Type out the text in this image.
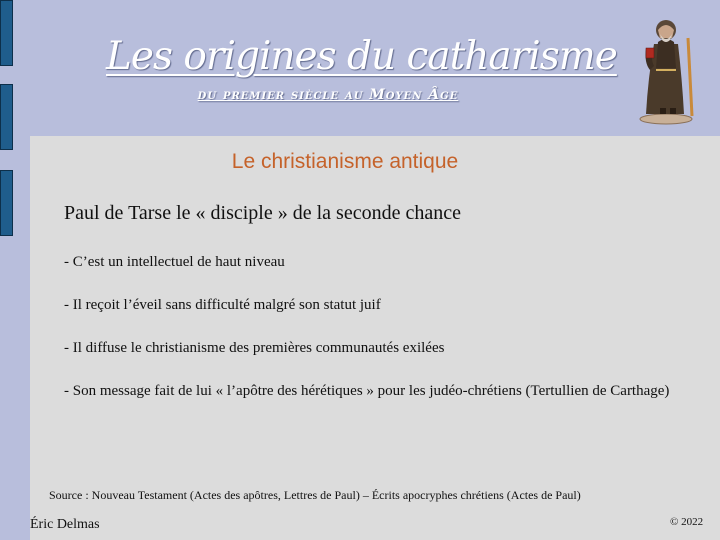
Les origines du catharisme
du premier siècle au Moyen Âge
Le christianisme antique
Paul de Tarse le « disciple » de la seconde chance
- C’est un intellectuel de haut niveau
- Il reçoit l’éveil sans difficulté malgré son statut juif
- Il diffuse le christianisme des premières communautés exilées
- Son message fait de lui « l’apôtre des hérétiques » pour les judéo-chrétiens (Tertullien de Carthage)
Source : Nouveau Testament (Actes des apôtres, Lettres de Paul) – Écrits apocryphes chrétiens (Actes de Paul)
Éric Delmas	© 2022
